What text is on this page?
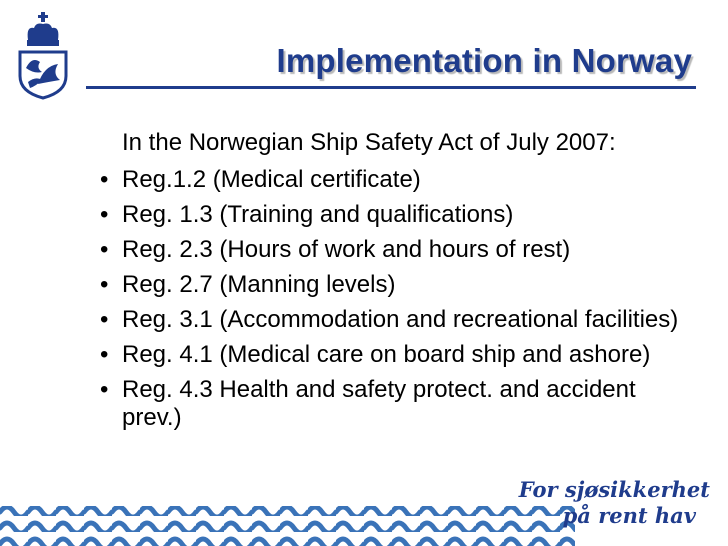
Implementation in Norway
In the Norwegian Ship Safety Act of July 2007:
• Reg.1.2 (Medical certificate)
• Reg. 1.3 (Training and qualifications)
• Reg. 2.3 (Hours of work and hours of rest)
• Reg. 2.7 (Manning levels)
• Reg. 3.1 (Accommodation and recreational facilities)
• Reg. 4.1 (Medical care on board ship and ashore)
• Reg. 4.3 Health and safety protect. and accident prev.)
For sjøsikkerhet
på rent hav
